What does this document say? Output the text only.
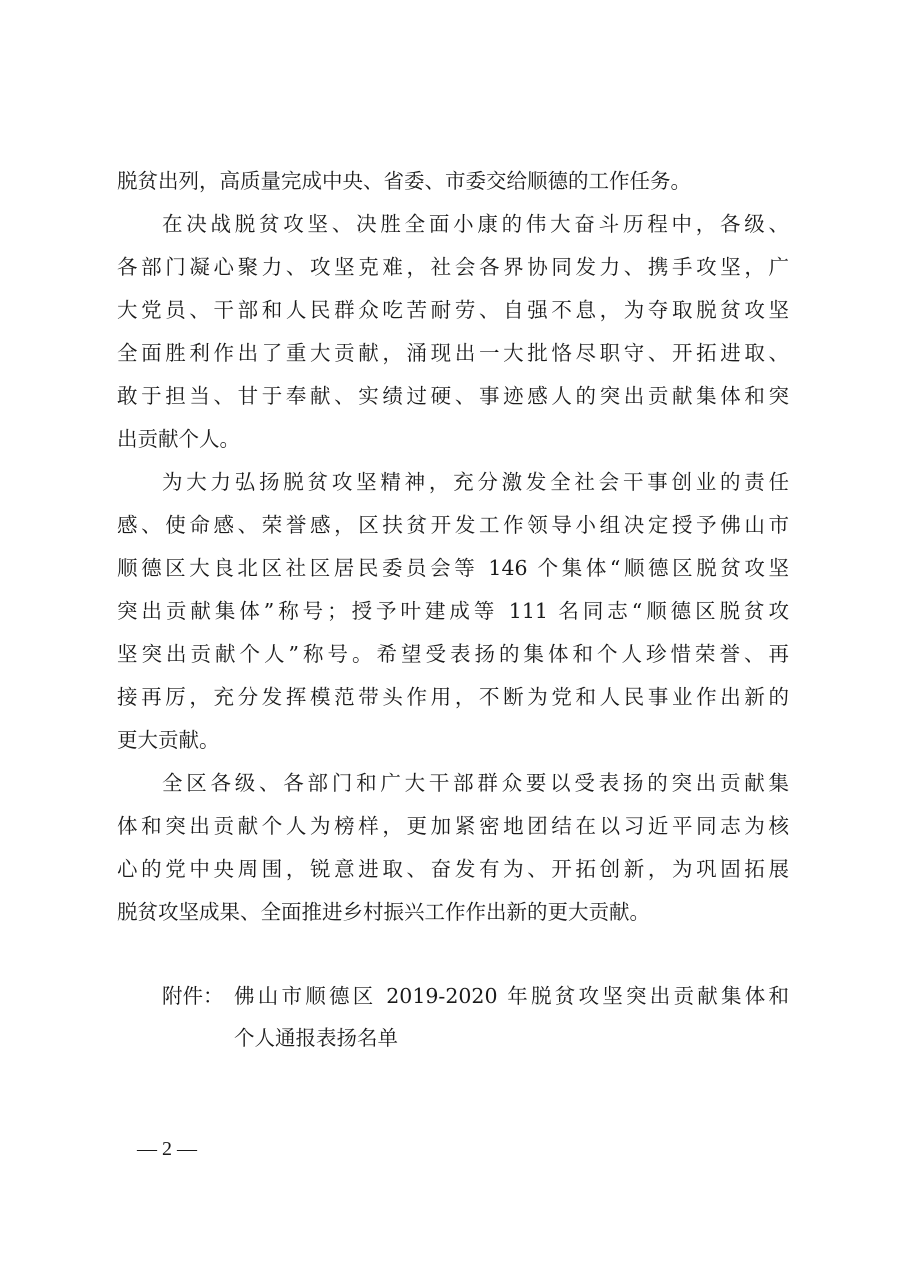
脱贫出列，高质量完成中央、省委、市委交给顺德的工作任务。
在决战脱贫攻坚、决胜全面小康的伟大奋斗历程中，各级、
各部门凝心聚力、攻坚克难，社会各界协同发力、携手攻坚，广
大党员、干部和人民群众吃苦耐劳、自强不息，为夺取脱贫攻坚
全面胜利作出了重大贡献，涌现出一大批恪尽职守、开拓进取、
敢于担当、甘于奉献、实绩过硬、事迹感人的突出贡献集体和突
出贡献个人。
为大力弘扬脱贫攻坚精神，充分激发全社会干事创业的责任
感、使命感、荣誉感，区扶贫开发工作领导小组决定授予佛山市
顺德区大良北区社区居民委员会等 146 个集体“顺德区脱贫攻坚
突出贡献集体”称号；授予叶建成等 111 名同志“顺德区脱贫攻
坚突出贡献个人”称号。希望受表扬的集体和个人珍惜荣誉、再
接再厉，充分发挥模范带头作用，不断为党和人民事业作出新的
更大贡献。
全区各级、各部门和广大干部群众要以受表扬的突出贡献集
体和突出贡献个人为榜样，更加紧密地团结在以习近平同志为核
心的党中央周围，锐意进取、奋发有为、开拓创新，为巩固拓展
脱贫攻坚成果、全面推进乡村振兴工作作出新的更大贡献。
附件： 佛山市顺德区 2019-2020 年脱贫攻坚突出贡献集体和
个人通报表扬名单
— 2 —
